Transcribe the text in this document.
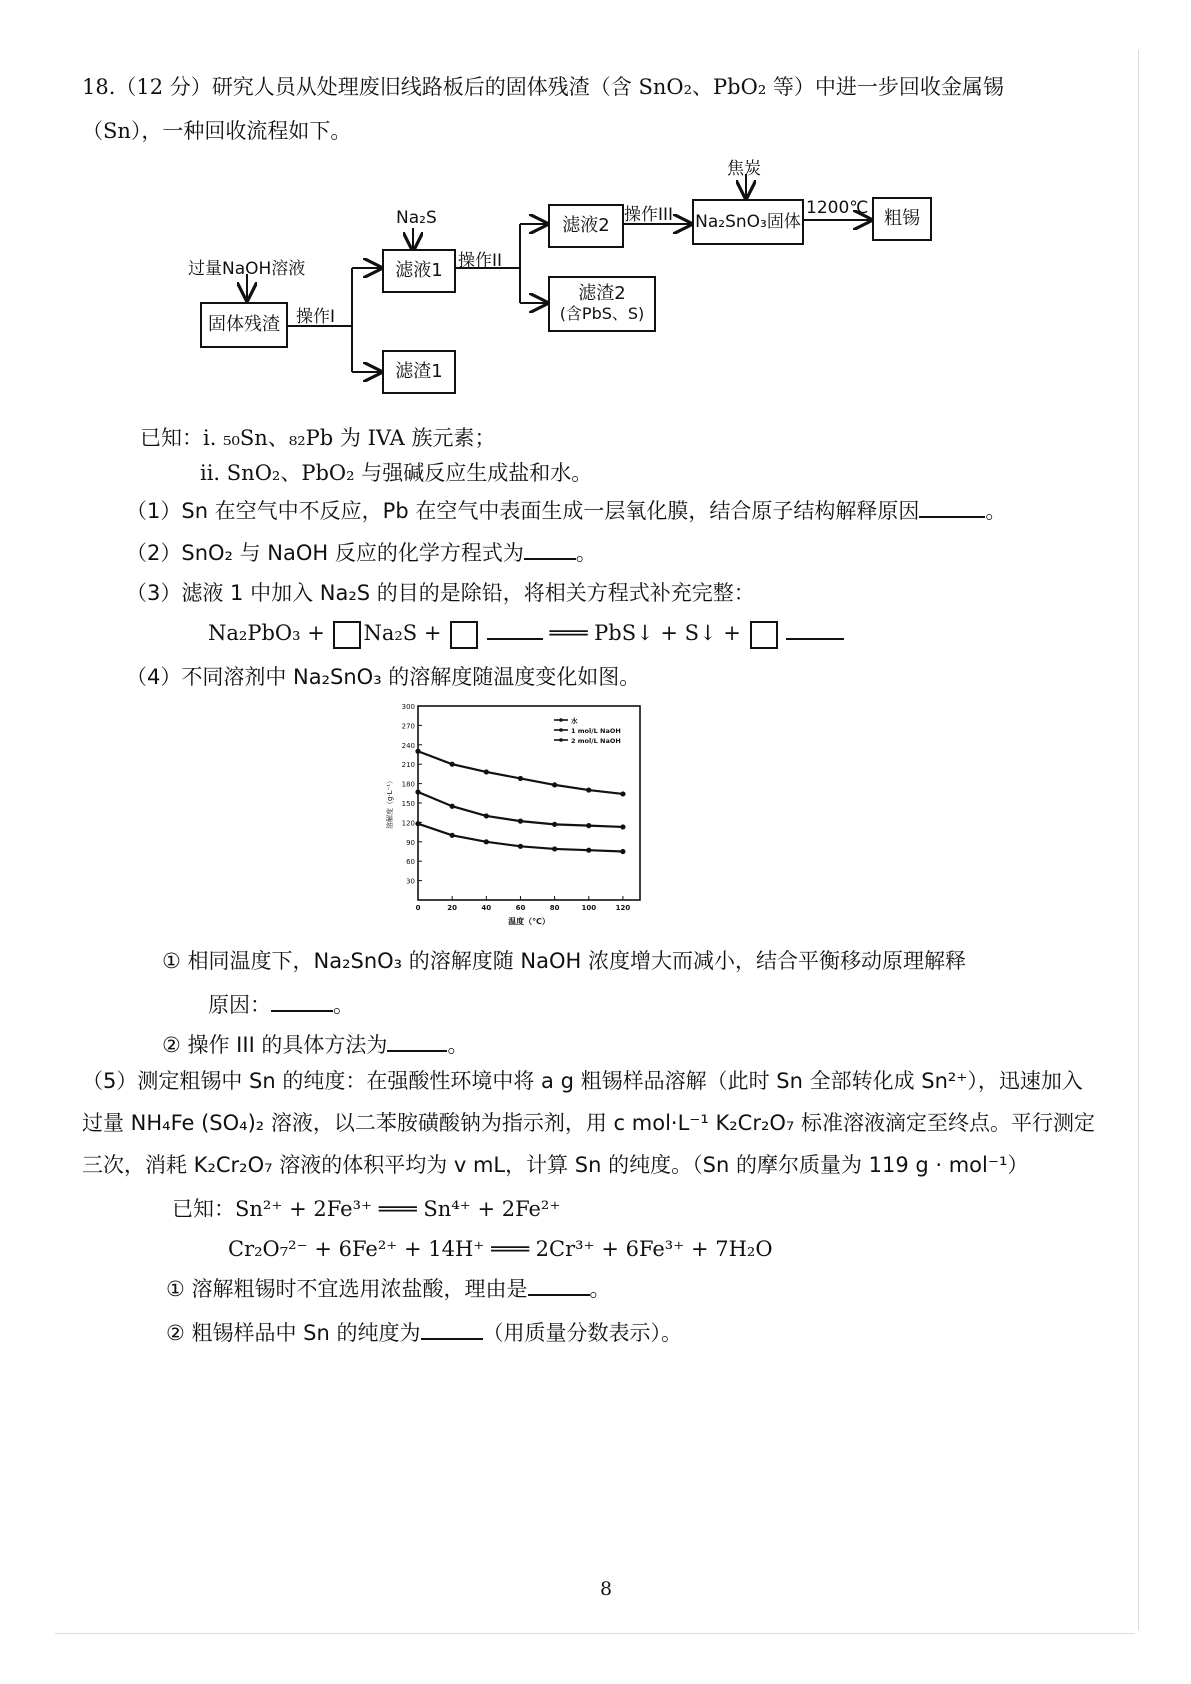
18.（12 分）研究人员从处理废旧线路板后的固体残渣（含 SnO₂、PbO₂ 等）中进一步回收金属锡
（Sn），一种回收流程如下。
过量NaOH溶液
Na₂S
焦炭
操作I
操作II
操作III	1200℃
固体残渣
滤液1
滤渣1
滤液2
滤渣2
(含PbS、S)
Na₂SnO₃固体	粗锡
已知：i. ₅₀Sn、₈₂Pb 为 IVA 族元素；
ii. SnO₂、PbO₂ 与强碱反应生成盐和水。
（1）Sn 在空气中不反应，Pb 在空气中表面生成一层氧化膜，结合原子结构解释原因	。
（2）SnO₂ 与 NaOH 反应的化学方程式为 。
（3）滤液 1 中加入 Na₂S 的目的是除铅，将相关方程式补充完整：
Na₂PbO₃ + Na₂S +	═══ PbS↓ + S↓ +
（4）不同溶剂中 Na₂SnO₃ 的溶解度随温度变化如图。
30
60
90
120
150
180
210
240
270
300
0	20	40	60	80	100	120
温度（℃）
溶解度（g·L⁻¹）
水
1 mol/L NaOH
2 mol/L NaOH
① 相同温度下，Na₂SnO₃ 的溶解度随 NaOH 浓度增大而减小，结合平衡移动原理解释
原因：	。
② 操作 III 的具体方法为	。
（5）测定粗锡中 Sn 的纯度：在强酸性环境中将 a g 粗锡样品溶解（此时 Sn 全部转化成 Sn²⁺），迅速加入
过量 NH₄Fe (SO₄)₂ 溶液，以二苯胺磺酸钠为指示剂，用 c mol·L⁻¹ K₂Cr₂O₇ 标准溶液滴定至终点。平行测定
三次，消耗 K₂Cr₂O₇ 溶液的体积平均为 v mL，计算 Sn 的纯度。（Sn 的摩尔质量为 119 g · mol⁻¹）
已知：Sn²⁺ + 2Fe³⁺ ═══ Sn⁴⁺ + 2Fe²⁺
Cr₂O₇²⁻ + 6Fe²⁺ + 14H⁺ ═══ 2Cr³⁺ + 6Fe³⁺ + 7H₂O
① 溶解粗锡时不宜选用浓盐酸，理由是	。
② 粗锡样品中 Sn 的纯度为	（用质量分数表示）。
8
